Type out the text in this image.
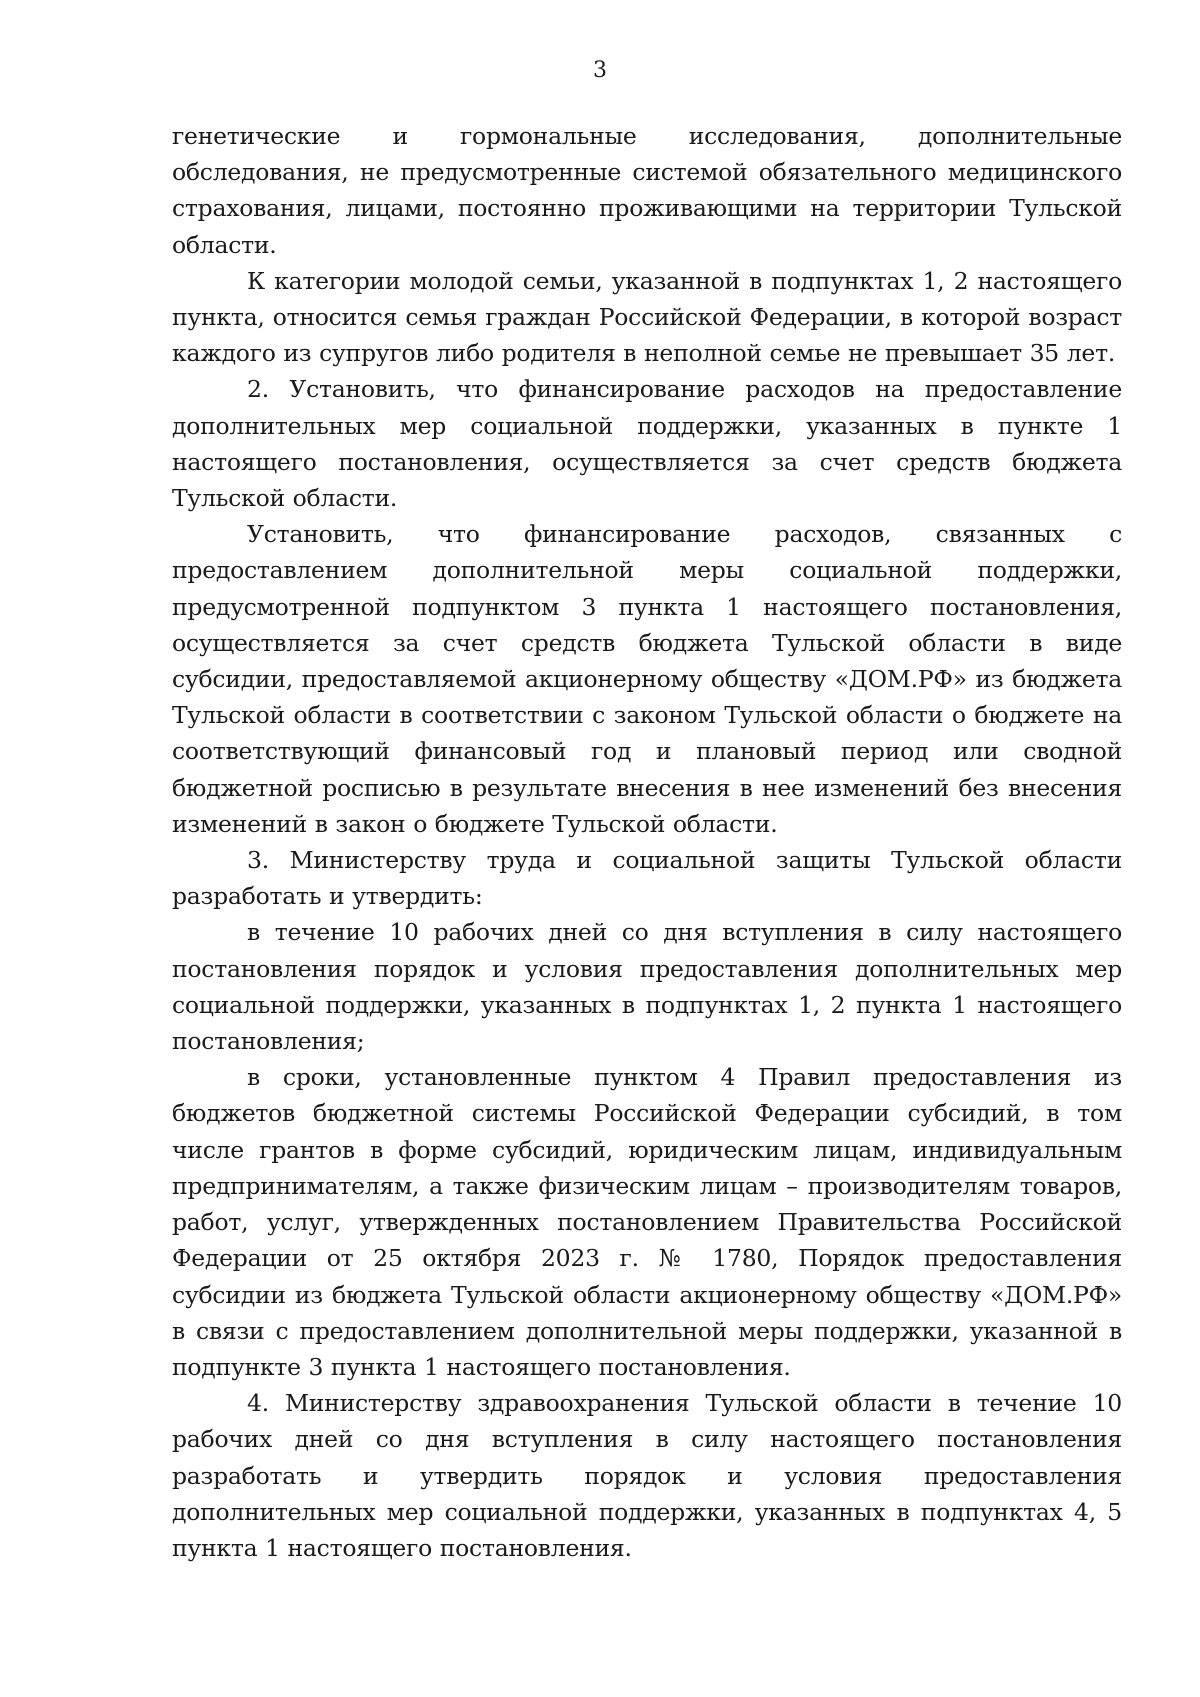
3

генетические и гормональные исследования, дополнительные обследования, не предусмотренные системой обязательного медицинского страхования, лицами, постоянно проживающими на территории Тульской области.

К категории молодой семьи, указанной в подпунктах 1, 2 настоящего пункта, относится семья граждан Российской Федерации, в которой возраст каждого из супругов либо родителя в неполной семье не превышает 35 лет.

2. Установить, что финансирование расходов на предоставление дополнительных мер социальной поддержки, указанных в пункте 1 настоящего постановления, осуществляется за счет средств бюджета Тульской области.

Установить, что финансирование расходов, связанных с предоставлением дополнительной меры социальной поддержки, предусмотренной подпунктом 3 пункта 1 настоящего постановления, осуществляется за счет средств бюджета Тульской области в виде субсидии, предоставляемой акционерному обществу «ДОМ.РФ» из бюджета Тульской области в соответствии с законом Тульской области о бюджете на соответствующий финансовый год и плановый период или сводной бюджетной росписью в результате внесения в нее изменений без внесения изменений в закон о бюджете Тульской области.

3. Министерству труда и социальной защиты Тульской области разработать и утвердить:

в течение 10 рабочих дней со дня вступления в силу настоящего постановления порядок и условия предоставления дополнительных мер социальной поддержки, указанных в подпунктах 1, 2 пункта 1 настоящего постановления;

в сроки, установленные пунктом 4 Правил предоставления из бюджетов бюджетной системы Российской Федерации субсидий, в том числе грантов в форме субсидий, юридическим лицам, индивидуальным предпринимателям, а также физическим лицам – производителям товаров, работ, услуг, утвержденных постановлением Правительства Российской Федерации от 25 октября 2023 г. № 1780, Порядок предоставления субсидии из бюджета Тульской области акционерному обществу «ДОМ.РФ» в связи с предоставлением дополнительной меры поддержки, указанной в подпункте 3 пункта 1 настоящего постановления.

4. Министерству здравоохранения Тульской области в течение 10 рабочих дней со дня вступления в силу настоящего постановления разработать и утвердить порядок и условия предоставления дополнительных мер социальной поддержки, указанных в подпунктах 4, 5 пункта 1 настоящего постановления.
